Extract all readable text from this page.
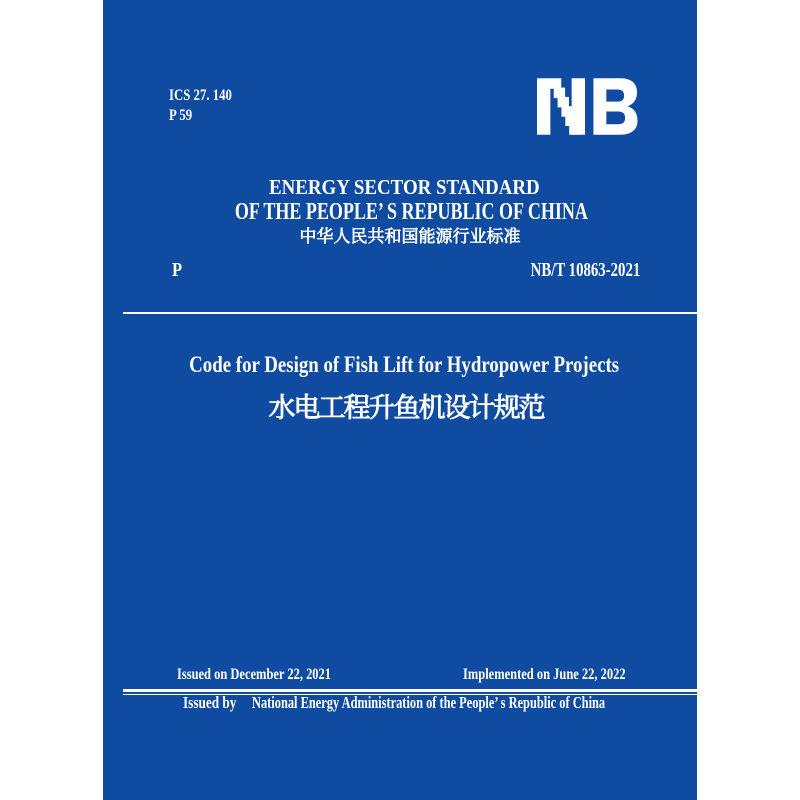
ICS 27. 140
P 59
ENERGY SECTOR STANDARD
OF THE PEOPLE’ S REPUBLIC OF CHINA
中华人民共和国能源行业标准
P	NB/T 10863-2021
Code for Design of Fish Lift for Hydropower Projects
水电工程升鱼机设计规范
Issued on December 22, 2021	Implemented on June 22, 2022
Issued by National Energy Administration of the People’ s Republic of China
